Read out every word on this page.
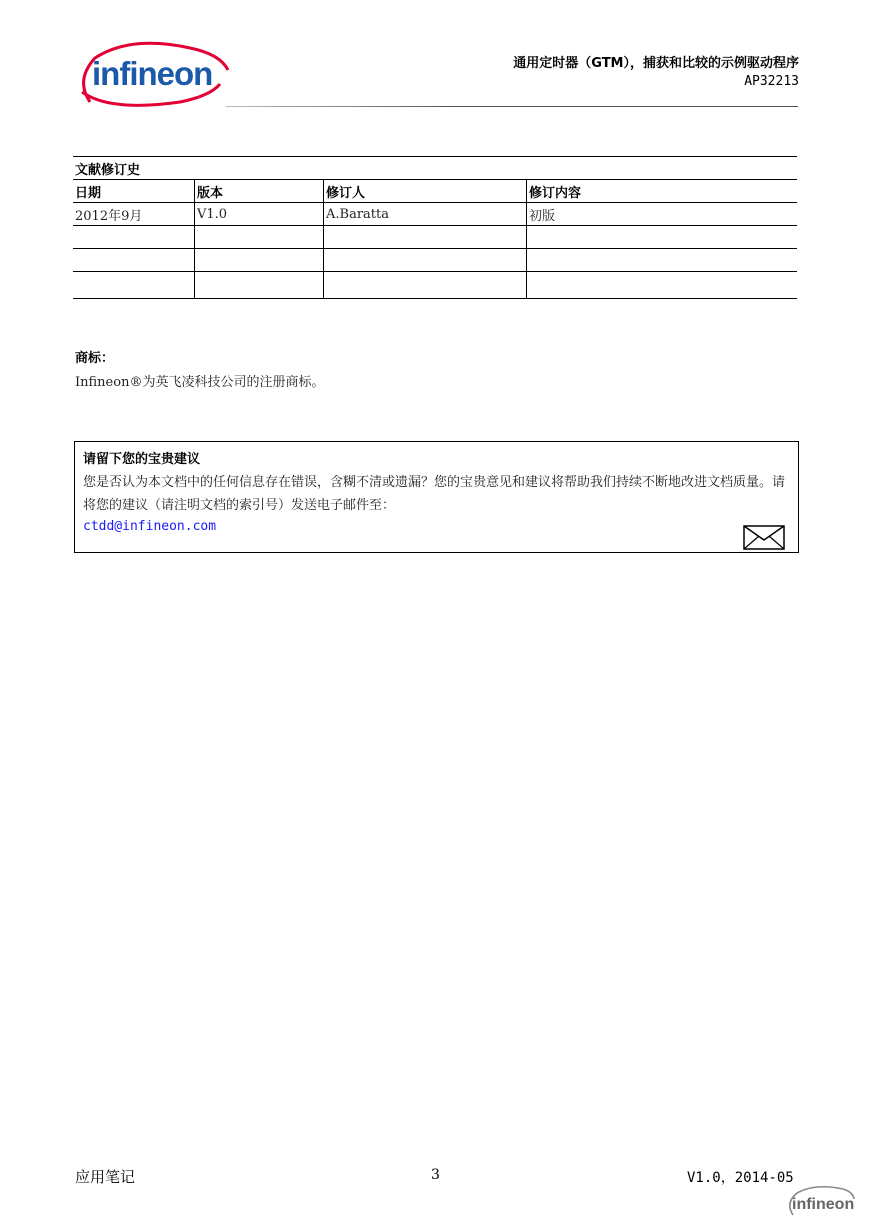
infineon	通用定时器（GTM），捕获和比较的示例驱动程序
AP32213
文献修订史			
日期	版本	修订人	修订内容
2012年9月	V1.0	A.Baratta	初版

商标：
Infineon®为英飞凌科技公司的注册商标。
请留下您的宝贵建议
您是否认为本文档中的任何信息存在错误，含糊不清或遗漏？您的宝贵意见和建议将帮助我们持续不断地改进文档质量。请将您的建议（请注明文档的索引号）发送电子邮件至：
ctdd@infineon.com
应用笔记	3	V1.0，2014-05
infineon
